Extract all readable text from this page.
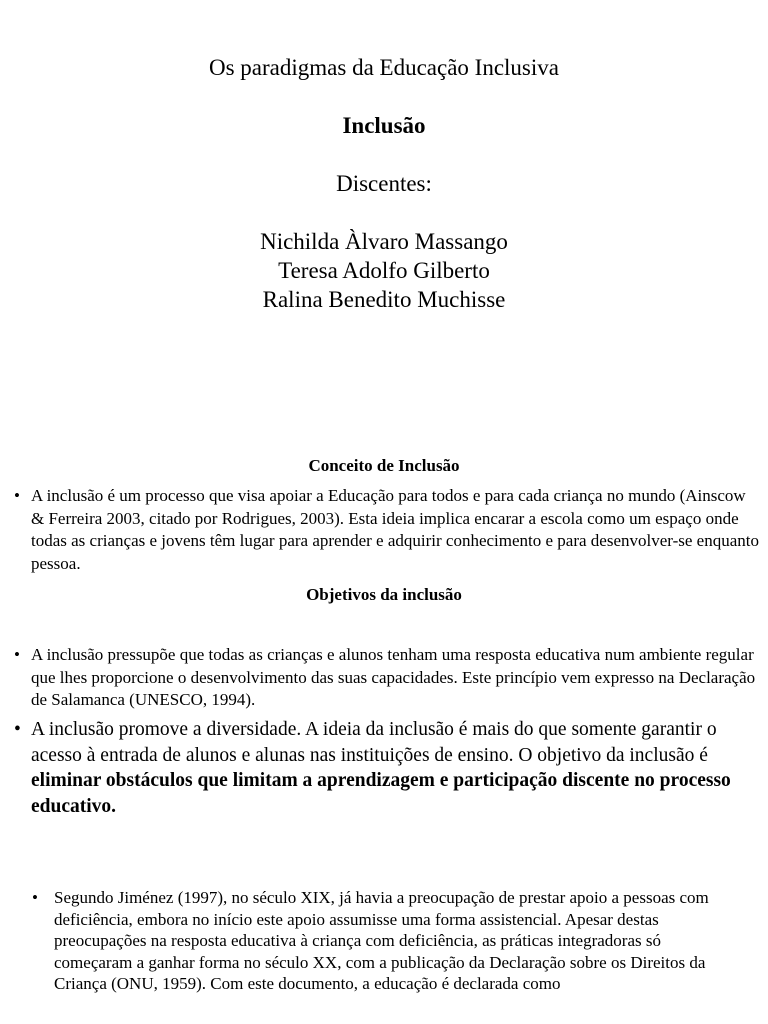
Os paradigmas da Educação Inclusiva
Inclusão
Discentes:
Nichilda Àlvaro Massango
Teresa Adolfo Gilberto
Ralina Benedito Muchisse
Conceito de Inclusão
• A inclusão é um processo que visa apoiar a Educação para todos e para cada criança no mundo (Ainscow & Ferreira 2003, citado por Rodrigues, 2003). Esta ideia implica encarar a escola como um espaço onde todas as crianças e jovens têm lugar para aprender e adquirir conhecimento e para desenvolver-se enquanto pessoa.
Objetivos da inclusão
• A inclusão pressupõe que todas as crianças e alunos tenham uma resposta educativa num ambiente regular que lhes proporcione o desenvolvimento das suas capacidades. Este princípio vem expresso na Declaração de Salamanca (UNESCO, 1994).
• A inclusão promove a diversidade. A ideia da inclusão é mais do que somente garantir o acesso à entrada de alunos e alunas nas instituições de ensino. O objetivo da inclusão é eliminar obstáculos que limitam a aprendizagem e participação discente no processo educativo.
• Segundo Jiménez (1997), no século XIX, já havia a preocupação de prestar apoio a pessoas com deficiência, embora no início este apoio assumisse uma forma assistencial. Apesar destas preocupações na resposta educativa à criança com deficiência, as práticas integradoras só começaram a ganhar forma no século XX, com a publicação da Declaração sobre os Direitos da Criança (ONU, 1959). Com este documento, a educação é declarada como
